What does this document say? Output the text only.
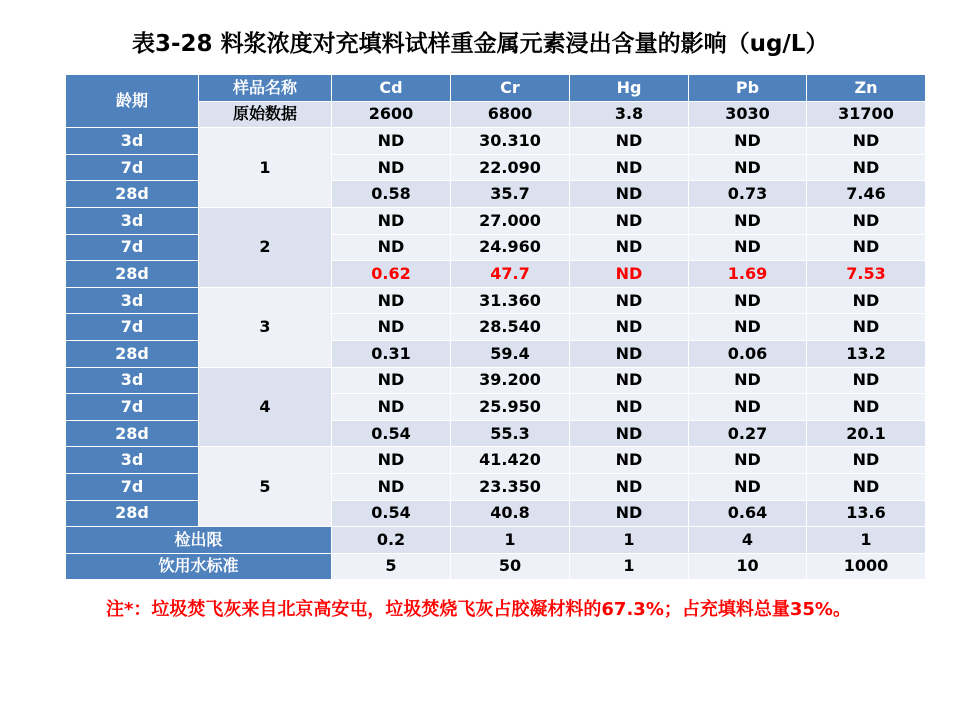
表3-28 料浆浓度对充填料试样重金属元素浸出含量的影响（ug/L）
龄期	样品名称	Cd	Cr	Hg	Pb	Zn
	原始数据	2600	6800	3.8	3030	31700
3d	1	ND	30.310	ND	ND	ND
7d		ND	22.090	ND	ND	ND
28d		0.58	35.7	ND	0.73	7.46
3d	2	ND	27.000	ND	ND	ND
7d		ND	24.960	ND	ND	ND
28d		0.62	47.7	ND	1.69	7.53
3d	3	ND	31.360	ND	ND	ND
7d		ND	28.540	ND	ND	ND
28d		0.31	59.4	ND	0.06	13.2
3d	4	ND	39.200	ND	ND	ND
7d		ND	25.950	ND	ND	ND
28d		0.54	55.3	ND	0.27	20.1
3d	5	ND	41.420	ND	ND	ND
7d		ND	23.350	ND	ND	ND
28d		0.54	40.8	ND	0.64	13.6
检出限		0.2	1	1	4	1
饮用水标准		5	50	1	10	1000
注*：垃圾焚飞灰来自北京高安屯，垃圾焚烧飞灰占胶凝材料的67.3%；占充填料总量35%。
